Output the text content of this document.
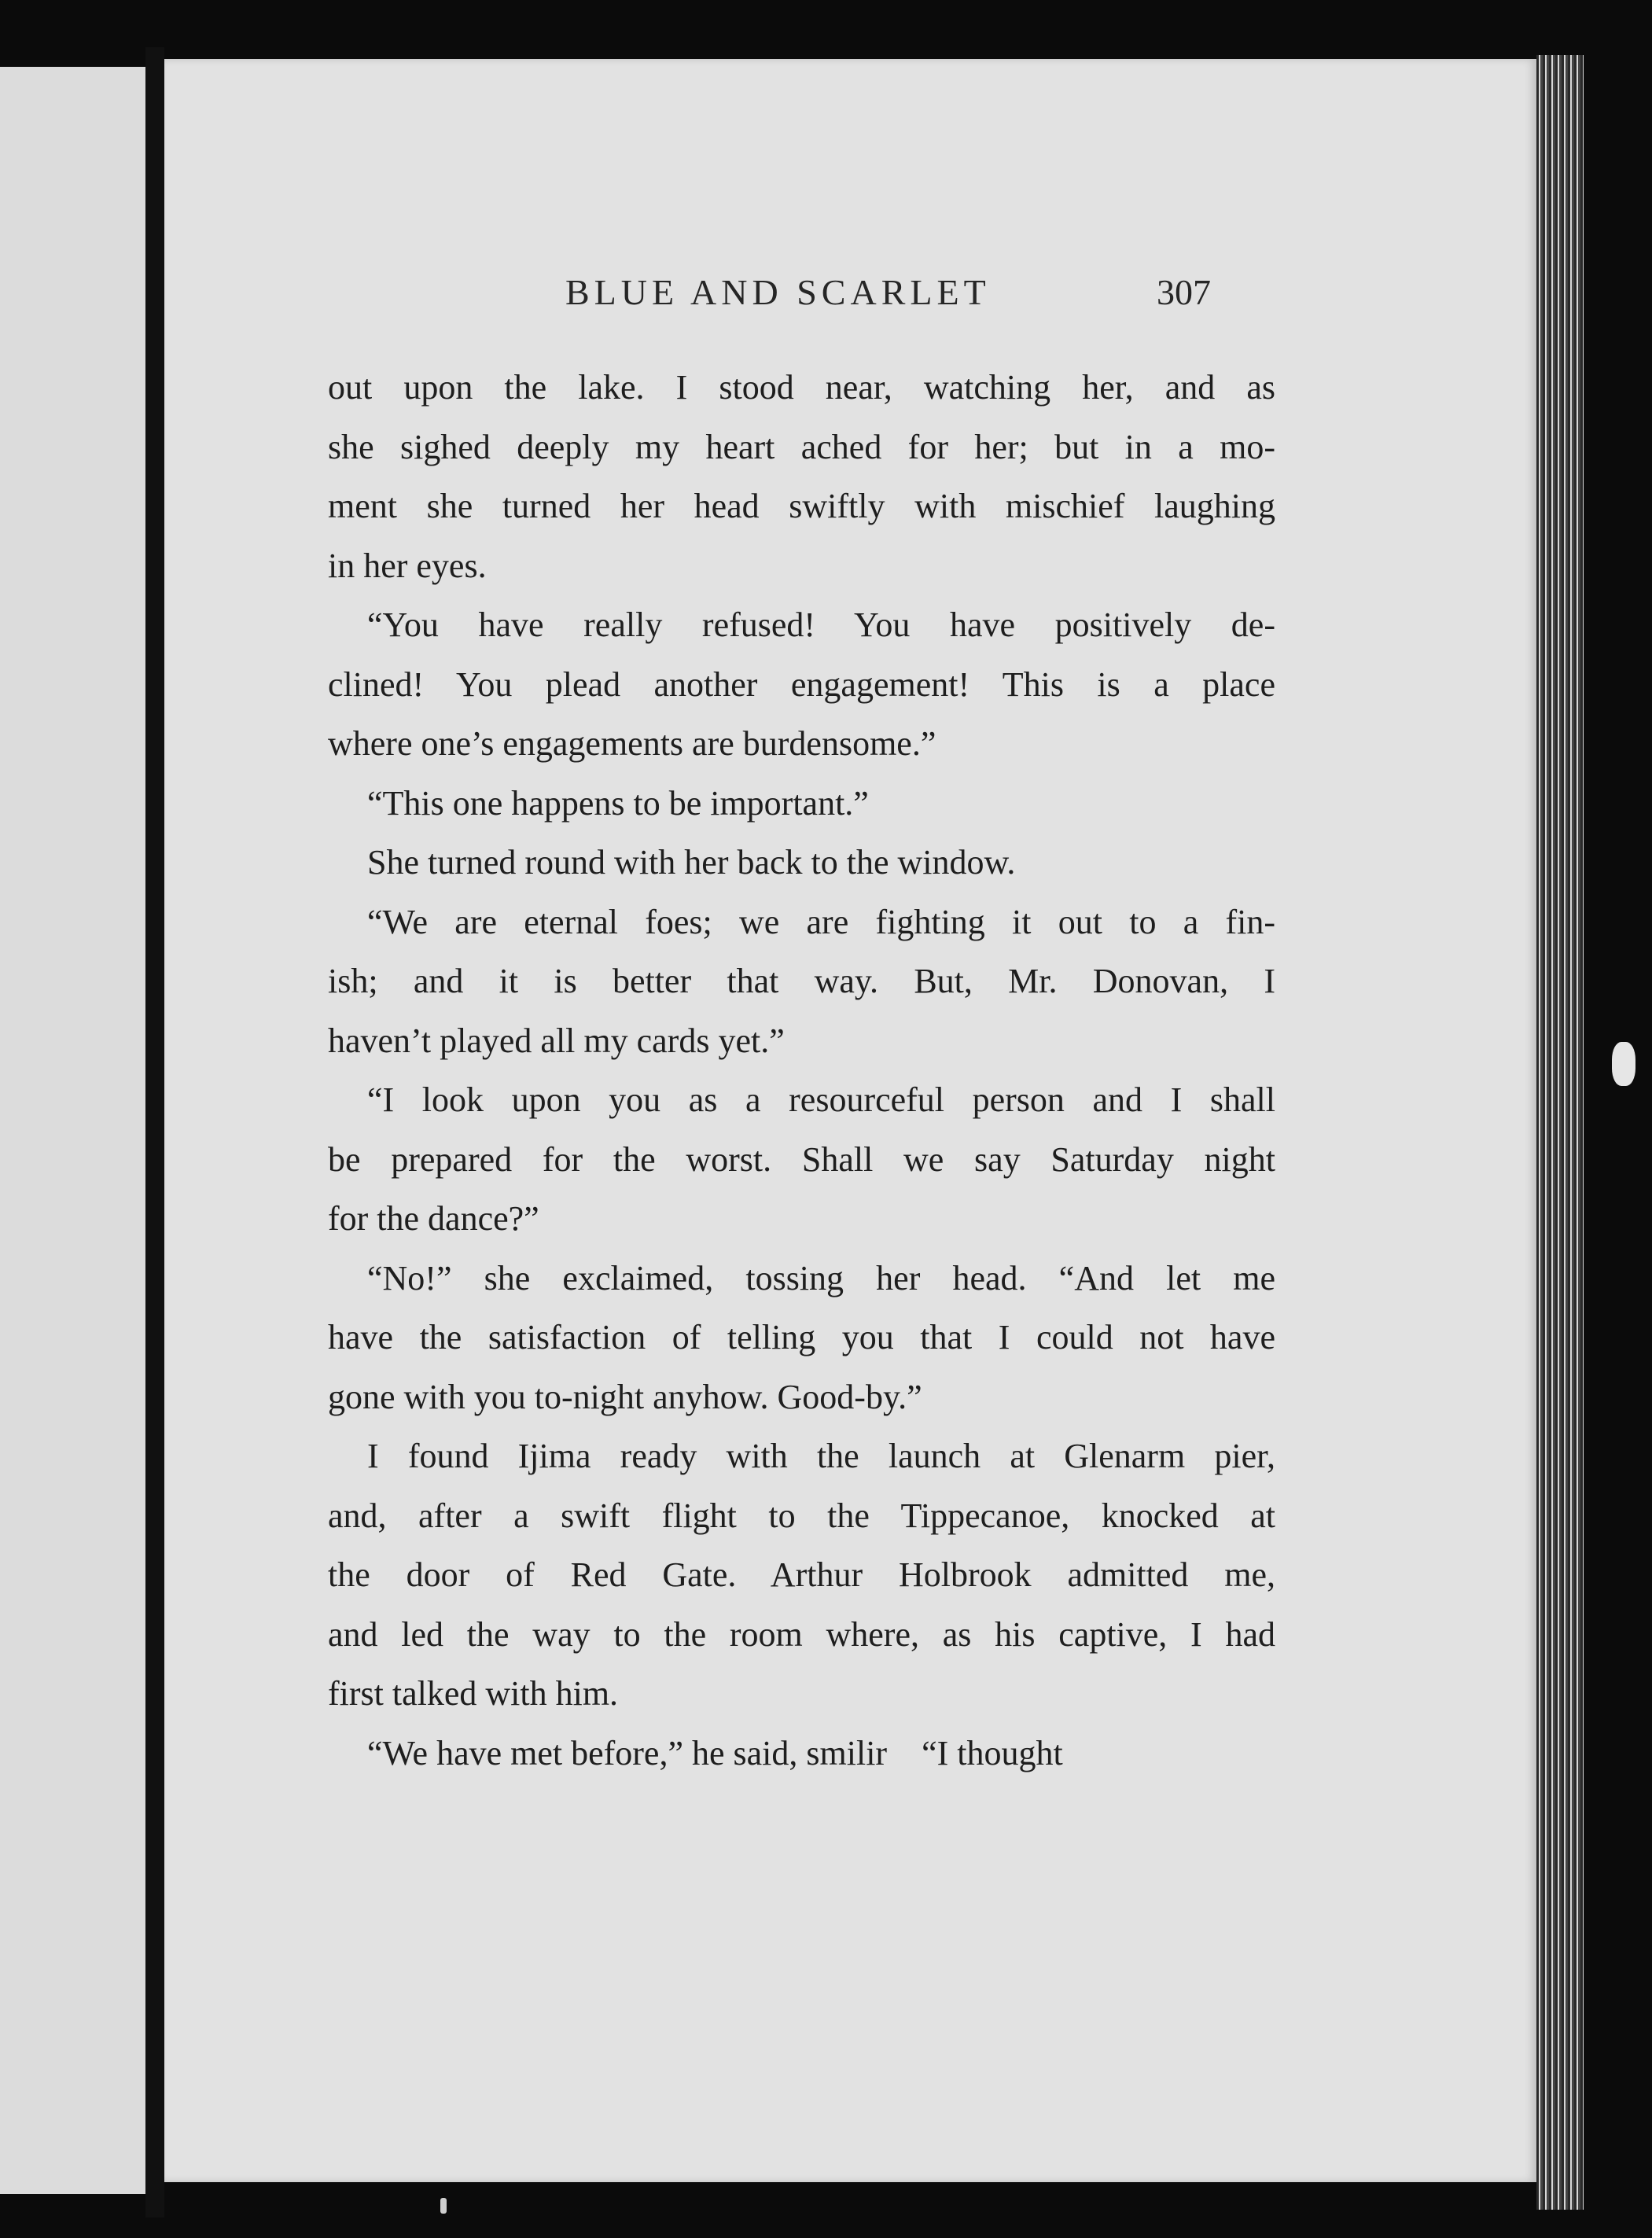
BLUE AND SCARLET	307
out upon the lake. I stood near, watching her, and as
she sighed deeply my heart ached for her; but in a mo-
ment she turned her head swiftly with mischief laughing
in her eyes.
“You have really refused! You have positively de-
clined! You plead another engagement! This is a place
where one’s engagements are burdensome.”
“This one happens to be important.”
She turned round with her back to the window.
“We are eternal foes; we are fighting it out to a fin-
ish; and it is better that way. But, Mr. Donovan, I
haven’t played all my cards yet.”
“I look upon you as a resourceful person and I shall
be prepared for the worst. Shall we say Saturday night
for the dance?”
“No!” she exclaimed, tossing her head. “And let me
have the satisfaction of telling you that I could not have
gone with you to-night anyhow. Good-by.”
I found Ijima ready with the launch at Glenarm pier,
and, after a swift flight to the Tippecanoe, knocked at
the door of Red Gate. Arthur Holbrook admitted me,
and led the way to the room where, as his captive, I had
first talked with him.
“We have met before,” he said, smilir    “I thought
